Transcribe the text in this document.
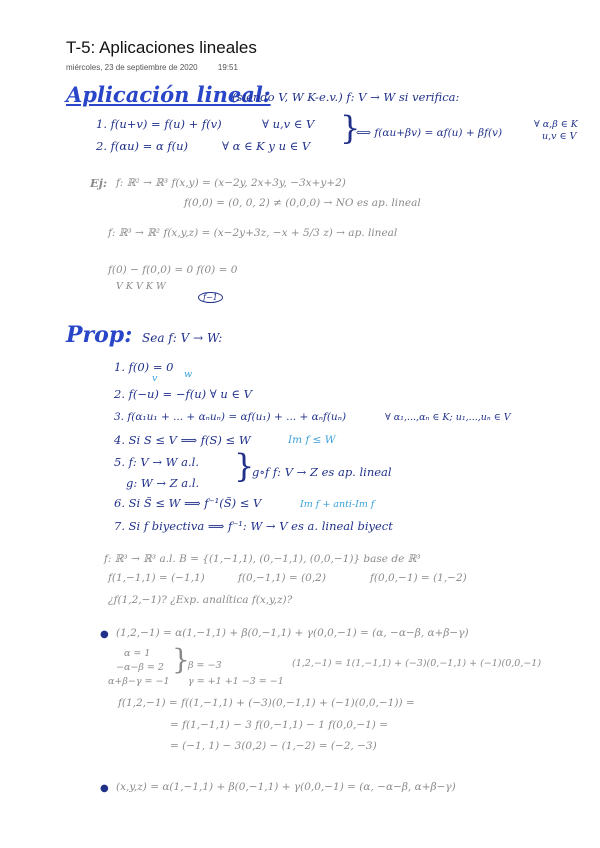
T-5: Aplicaciones lineales
miércoles, 23 de septiembre de 2020	19:51
Aplicación lineal:
(siendo V, W K-e.v.) f: V → W si verifica:
1. f(u+v) = f(u) + f(v)	∀ u,v ∈ V
2. f(αu) = α f(u)	∀ α ∈ K y u ∈ V }
⟺ f(αu+βv) = αf(u) + βf(v)
∀ α,β ∈ K
u,v ∈ V
Ej: f: ℝ² → ℝ³ f(x,y) = (x−2y, 2x+3y, −3x+y+2)
f(0,0) = (0, 0, 2) ≠ (0,0,0) → NO es ap. lineal
f: ℝ³ → ℝ² f(x,y,z) = (x−2y+3z, −x + 5/3 z) → ap. lineal
f(0) − f(0,0) = 0 f(0) = 0
V K V K W
f−1
Prop: Sea f: V → W:
1. f(0) = 0
v	w
2. f(−u) = −f(u) ∀ u ∈ V
3. f(α₁u₁ + ... + αₙuₙ) = αf(u₁) + ... + αₙf(uₙ)	∀ α₁,...,αₙ ∈ K; u₁,...,uₙ ∈ V
4. Si S ≤ V ⟹ f(S) ≤ W	Im f ≤ W
5. f: V → W a.l.
g: W → Z a.l. }
g∘f f: V → Z es ap. lineal
6. Si S̃ ≤ W ⟹ f⁻¹(S̃) ≤ V	Im f + anti-Im f
7. Si f biyectiva ⟹ f⁻¹: W → V es a. lineal biyect
f: ℝ³ → ℝ³ a.l. B = {(1,−1,1), (0,−1,1), (0,0,−1)} base de ℝ³
f(1,−1,1) = (−1,1)	f(0,−1,1) = (0,2)	f(0,0,−1) = (1,−2)
¿f(1,2,−1)? ¿Exp. analítica f(x,y,z)?
● (1,2,−1) = α(1,−1,1) + β(0,−1,1) + γ(0,0,−1) = (α, −α−β, α+β−γ)
α = 1
−α−β = 2
α+β−γ = −1
}
β = −3
γ = +1 +1 −3 = −1
(1,2,−1) = 1(1,−1,1) + (−3)(0,−1,1) + (−1)(0,0,−1)
f(1,2,−1) = f((1,−1,1) + (−3)(0,−1,1) + (−1)(0,0,−1)) =
= f(1,−1,1) − 3 f(0,−1,1) − 1 f(0,0,−1) =
= (−1, 1) − 3(0,2) − (1,−2) = (−2, −3)
● (x,y,z) = α(1,−1,1) + β(0,−1,1) + γ(0,0,−1) = (α, −α−β, α+β−γ)
